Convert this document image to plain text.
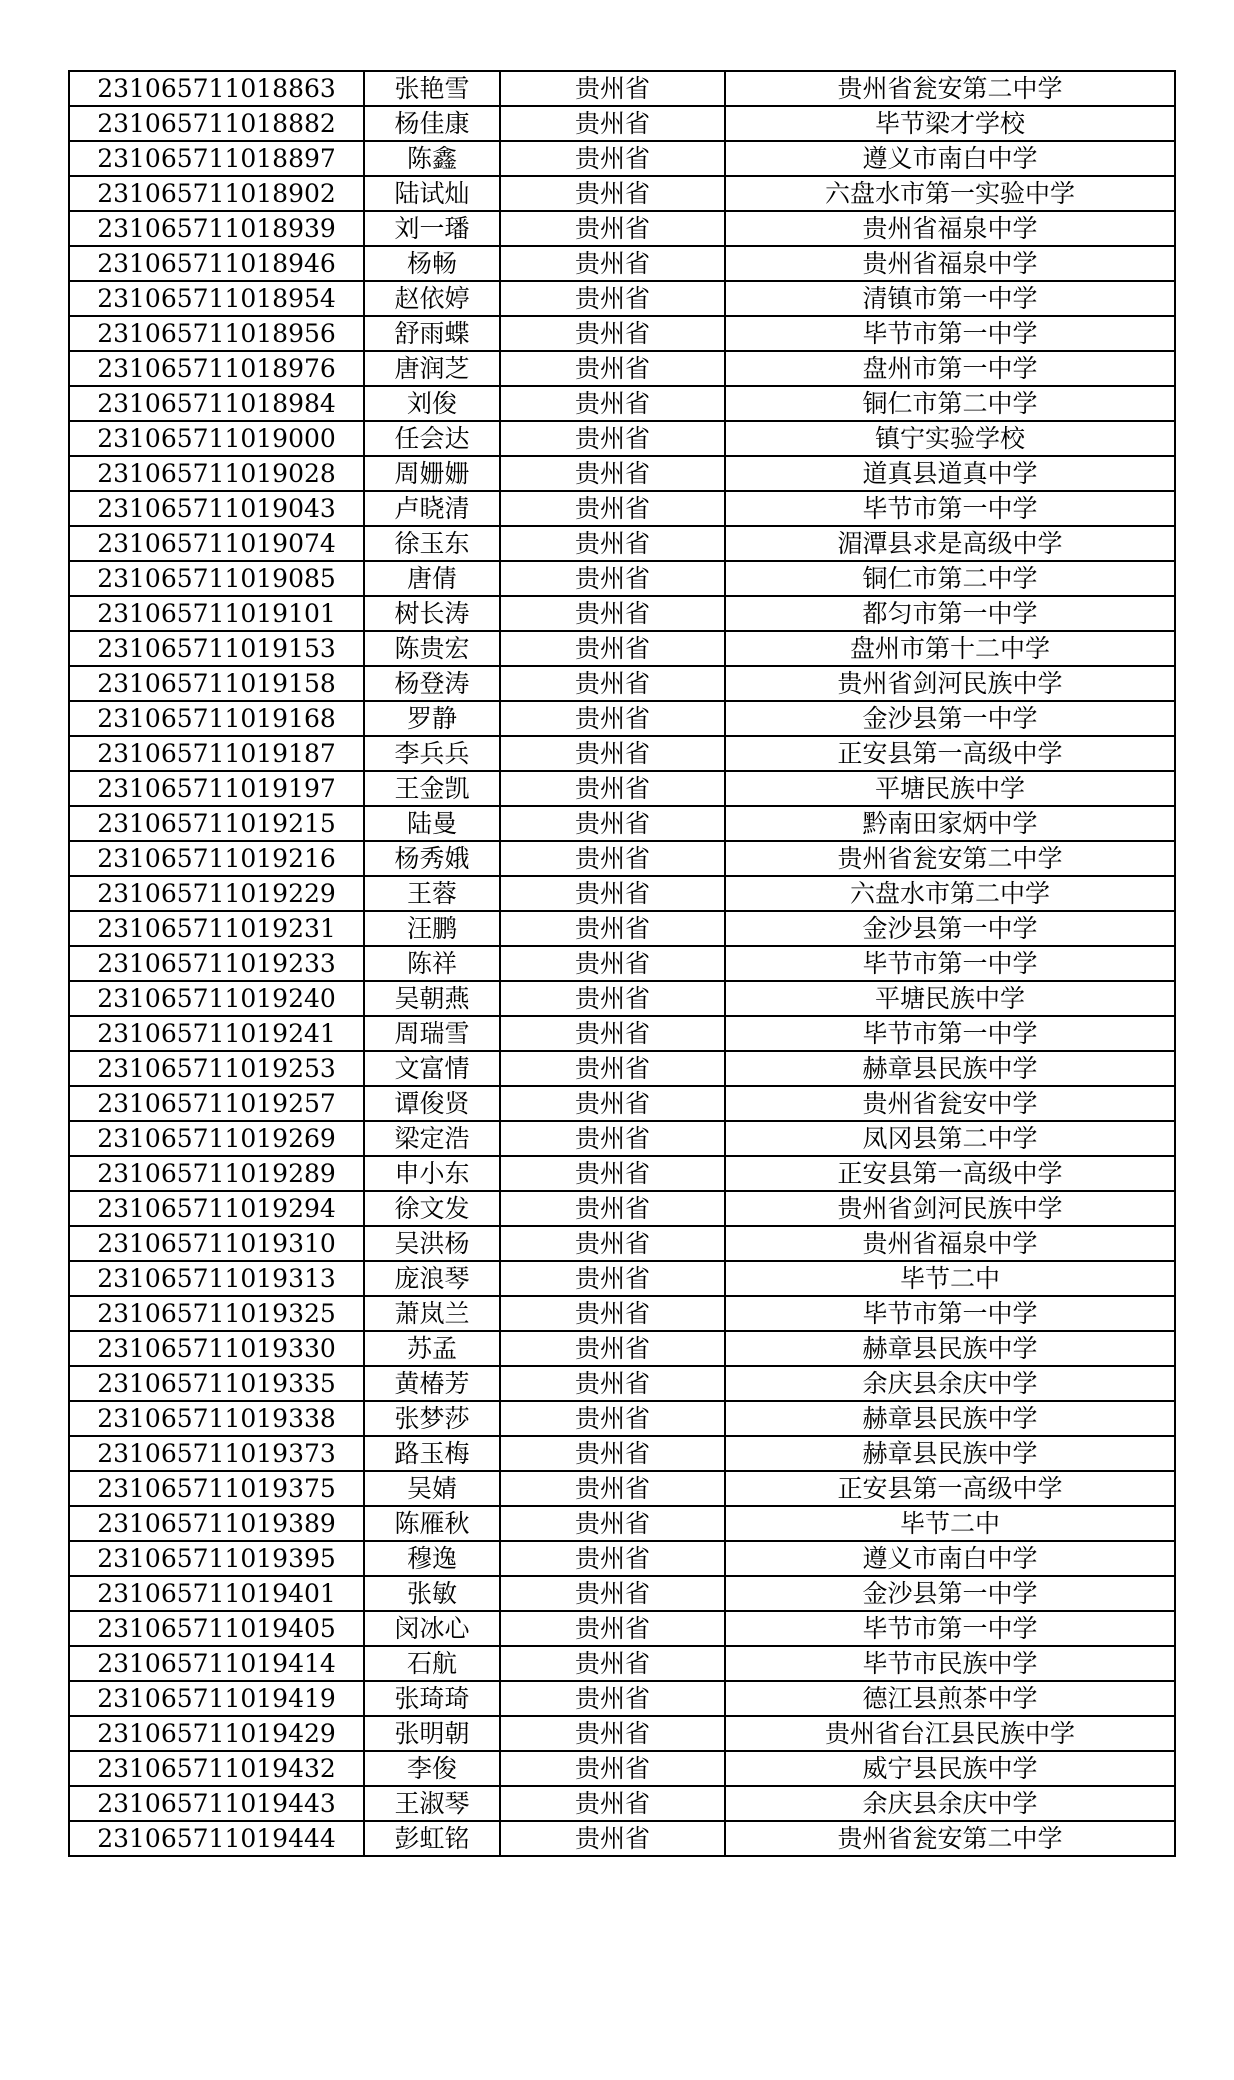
231065711018863	张艳雪	贵州省	贵州省瓮安第二中学
231065711018882	杨佳康	贵州省	毕节梁才学校
231065711018897	陈鑫	贵州省	遵义市南白中学
231065711018902	陆试灿	贵州省	六盘水市第一实验中学
231065711018939	刘一璠	贵州省	贵州省福泉中学
231065711018946	杨畅	贵州省	贵州省福泉中学
231065711018954	赵依婷	贵州省	清镇市第一中学
231065711018956	舒雨蝶	贵州省	毕节市第一中学
231065711018976	唐润芝	贵州省	盘州市第一中学
231065711018984	刘俊	贵州省	铜仁市第二中学
231065711019000	任会达	贵州省	镇宁实验学校
231065711019028	周姗姗	贵州省	道真县道真中学
231065711019043	卢晓清	贵州省	毕节市第一中学
231065711019074	徐玉东	贵州省	湄潭县求是高级中学
231065711019085	唐倩	贵州省	铜仁市第二中学
231065711019101	树长涛	贵州省	都匀市第一中学
231065711019153	陈贵宏	贵州省	盘州市第十二中学
231065711019158	杨登涛	贵州省	贵州省剑河民族中学
231065711019168	罗静	贵州省	金沙县第一中学
231065711019187	李兵兵	贵州省	正安县第一高级中学
231065711019197	王金凯	贵州省	平塘民族中学
231065711019215	陆曼	贵州省	黔南田家炳中学
231065711019216	杨秀娥	贵州省	贵州省瓮安第二中学
231065711019229	王蓉	贵州省	六盘水市第二中学
231065711019231	汪鹏	贵州省	金沙县第一中学
231065711019233	陈祥	贵州省	毕节市第一中学
231065711019240	吴朝燕	贵州省	平塘民族中学
231065711019241	周瑞雪	贵州省	毕节市第一中学
231065711019253	文富情	贵州省	赫章县民族中学
231065711019257	谭俊贤	贵州省	贵州省瓮安中学
231065711019269	梁定浩	贵州省	凤冈县第二中学
231065711019289	申小东	贵州省	正安县第一高级中学
231065711019294	徐文发	贵州省	贵州省剑河民族中学
231065711019310	吴洪杨	贵州省	贵州省福泉中学
231065711019313	庞浪琴	贵州省	毕节二中
231065711019325	萧岚兰	贵州省	毕节市第一中学
231065711019330	苏孟	贵州省	赫章县民族中学
231065711019335	黄椿芳	贵州省	余庆县余庆中学
231065711019338	张梦莎	贵州省	赫章县民族中学
231065711019373	路玉梅	贵州省	赫章县民族中学
231065711019375	吴婧	贵州省	正安县第一高级中学
231065711019389	陈雁秋	贵州省	毕节二中
231065711019395	穆逸	贵州省	遵义市南白中学
231065711019401	张敏	贵州省	金沙县第一中学
231065711019405	闵冰心	贵州省	毕节市第一中学
231065711019414	石航	贵州省	毕节市民族中学
231065711019419	张琦琦	贵州省	德江县煎茶中学
231065711019429	张明朝	贵州省	贵州省台江县民族中学
231065711019432	李俊	贵州省	威宁县民族中学
231065711019443	王淑琴	贵州省	余庆县余庆中学
231065711019444	彭虹铭	贵州省	贵州省瓮安第二中学
